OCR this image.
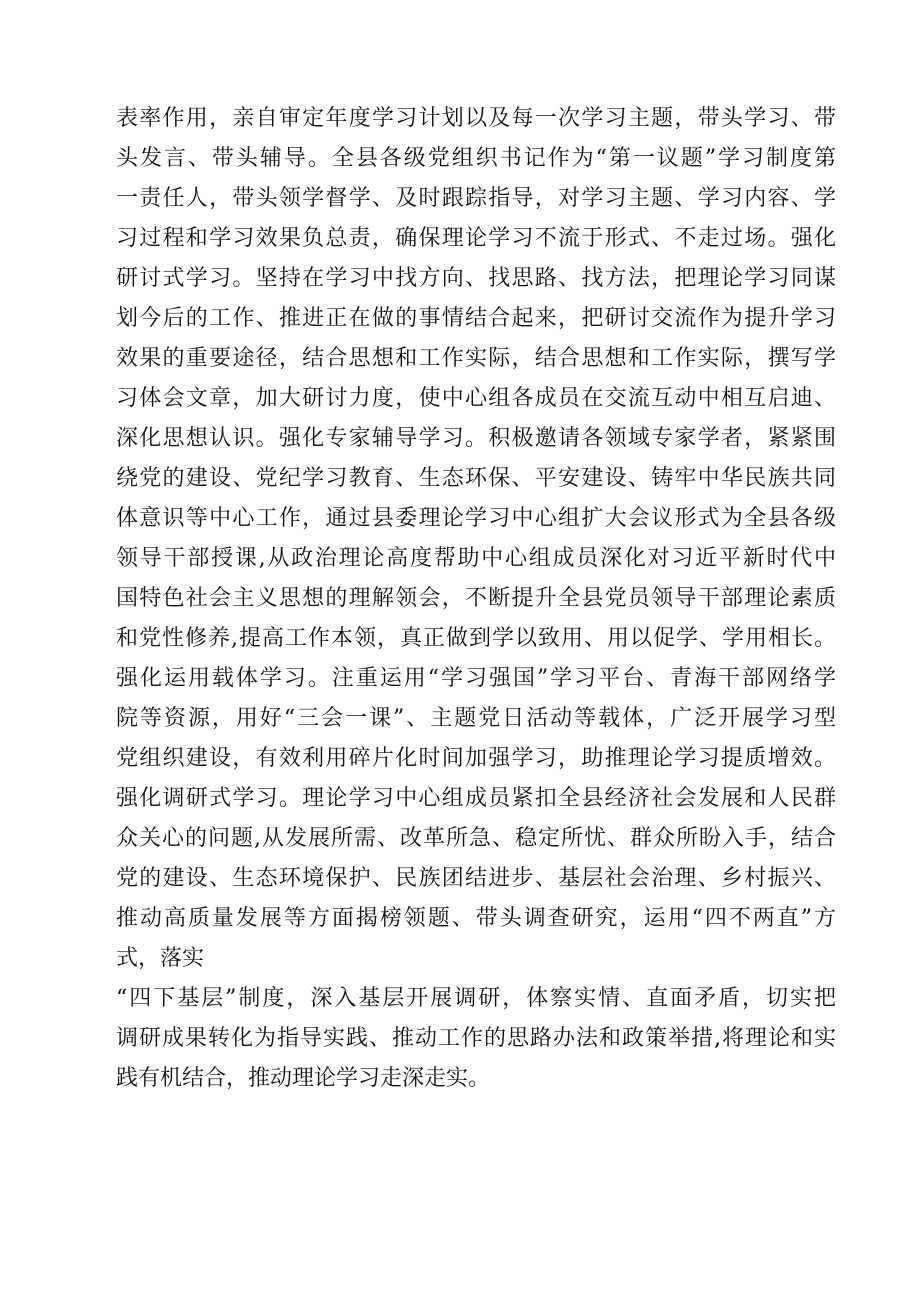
表率作用，亲自审定年度学习计划以及每一次学习主题，带头学习、带
头发言、带头辅导。全县各级党组织书记作为“第一议题”学习制度第
一责任人，带头领学督学、及时跟踪指导，对学习主题、学习内容、学
习过程和学习效果负总责，确保理论学习不流于形式、不走过场。强化
研讨式学习。坚持在学习中找方向、找思路、找方法，把理论学习同谋
划今后的工作、推进正在做的事情结合起来，把研讨交流作为提升学习
效果的重要途径，结合思想和工作实际，结合思想和工作实际，撰写学
习体会文章，加大研讨力度，使中心组各成员在交流互动中相互启迪、
深化思想认识。强化专家辅导学习。积极邀请各领域专家学者，紧紧围
绕党的建设、党纪学习教育、生态环保、平安建设、铸牢中华民族共同
体意识等中心工作，通过县委理论学习中心组扩大会议形式为全县各级
领导干部授课,从政治理论高度帮助中心组成员深化对习近平新时代中
国特色社会主义思想的理解领会，不断提升全县党员领导干部理论素质
和党性修养,提高工作本领，真正做到学以致用、用以促学、学用相长。
强化运用载体学习。注重运用“学习强国”学习平台、青海干部网络学
院等资源，用好“三会一课”、主题党日活动等载体，广泛开展学习型
党组织建设，有效利用碎片化时间加强学习，助推理论学习提质增效。
强化调研式学习。理论学习中心组成员紧扣全县经济社会发展和人民群
众关心的问题,从发展所需、改革所急、稳定所忧、群众所盼入手，结合
党的建设、生态环境保护、民族团结进步、基层社会治理、乡村振兴、
推动高质量发展等方面揭榜领题、带头调查研究，运用“四不两直”方
式，落实
“四下基层”制度，深入基层开展调研，体察实情、直面矛盾，切实把
调研成果转化为指导实践、推动工作的思路办法和政策举措,将理论和实
践有机结合，推动理论学习走深走实。
